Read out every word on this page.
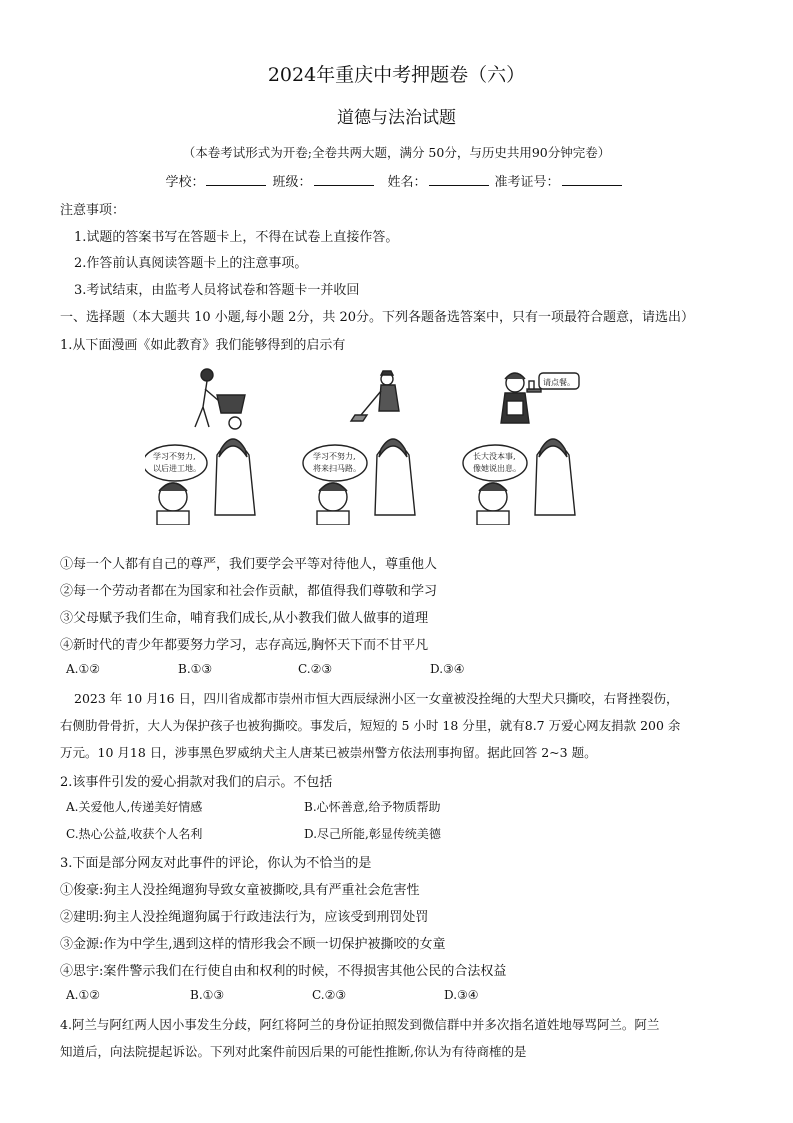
2024年重庆中考押题卷（六）
道德与法治试题
（本卷考试形式为开卷;全卷共两大题，满分 50分，与历史共用90分钟完卷）
学校：	班级：	姓名：	准考证号：
注意事项：
1.试题的答案书写在答题卡上，不得在试卷上直接作答。
2.作答前认真阅读答题卡上的注意事项。
3.考试结束，由监考人员将试卷和答题卡一并收回
一、选择题（本大题共 10 小题,每小题 2分，共 20分。下列各题备选答案中，只有一项最符合题意，请选出）
1.从下面漫画《如此教育》我们能够得到的启示有
学习不努力,
以后进工地。
学习不努力,
将来扫马路。
请点餐。
长大没本事,
像她说出息。
①每一个人都有自己的尊严，我们要学会平等对待他人，尊重他人
②每一个劳动者都在为国家和社会作贡献，都值得我们尊敬和学习
③父母赋予我们生命，哺育我们成长,从小教我们做人做事的道理
④新时代的青少年都要努力学习，志存高远,胸怀天下而不甘平凡
A.①②	B.①③	C.②③	D.③④
2023 年 10 月16 日，四川省成都市崇州市恒大西辰绿洲小区一女童被没拴绳的大型犬只撕咬，右肾挫裂伤，
右侧肋骨骨折，大人为保护孩子也被狗撕咬。事发后，短短的 5 小时 18 分里，就有8.7 万爱心网友捐款 200 余
万元。10 月18 日，涉事黑色罗威纳犬主人唐某已被崇州警方依法刑事拘留。据此回答 2~3 题。
2.该事件引发的爱心捐款对我们的启示。不包括
A.关爱他人,传递美好情感	B.心怀善意,给予物质帮助
C.热心公益,收获个人名利	D.尽己所能,彰显传统美德
3.下面是部分网友对此事件的评论，你认为不恰当的是
①俊豪:狗主人没拴绳遛狗导致女童被撕咬,具有严重社会危害性
②建明:狗主人没拴绳遛狗属于行政违法行为，应该受到刑罚处罚
③金源:作为中学生,遇到这样的情形我会不顾一切保护被撕咬的女童
④思宇:案件警示我们在行使自由和权利的时候，不得损害其他公民的合法权益
A.①②	B.①③	C.②③	D.③④
4.阿兰与阿红两人因小事发生分歧，阿红将阿兰的身份证拍照发到微信群中并多次指名道姓地辱骂阿兰。阿兰
知道后，向法院提起诉讼。下列对此案件前因后果的可能性推断,你认为有待商榷的是
